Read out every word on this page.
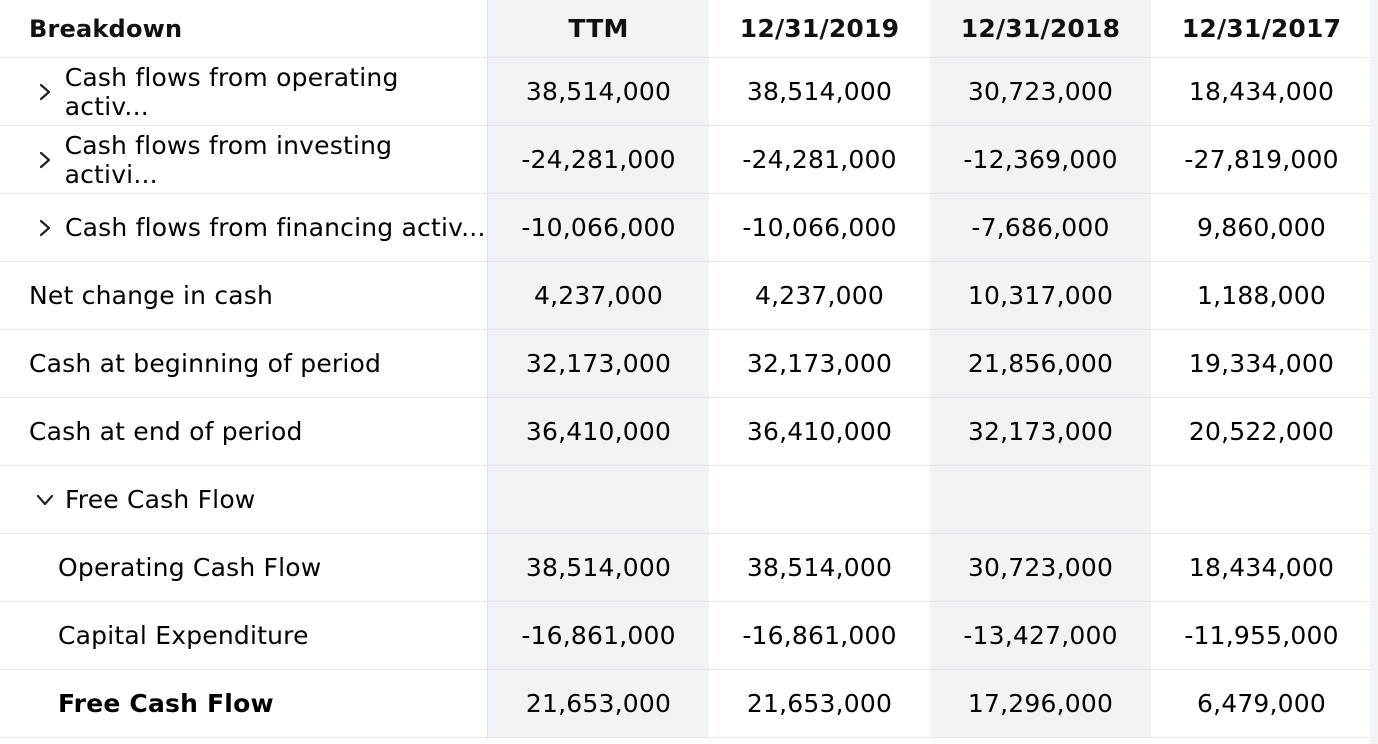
Breakdown	TTM	12/31/2019	12/31/2018	12/31/2017
Cash flows from operating activ...	38,514,000	38,514,000	30,723,000	18,434,000
Cash flows from investing activi...	-24,281,000	-24,281,000	-12,369,000	-27,819,000
Cash flows from financing activ...	-10,066,000	-10,066,000	-7,686,000	9,860,000
Net change in cash	4,237,000	4,237,000	10,317,000	1,188,000
Cash at beginning of period	32,173,000	32,173,000	21,856,000	19,334,000
Cash at end of period	36,410,000	36,410,000	32,173,000	20,522,000
Free Cash Flow
Operating Cash Flow	38,514,000	38,514,000	30,723,000	18,434,000
Capital Expenditure	-16,861,000	-16,861,000	-13,427,000	-11,955,000
Free Cash Flow	21,653,000	21,653,000	17,296,000	6,479,000
